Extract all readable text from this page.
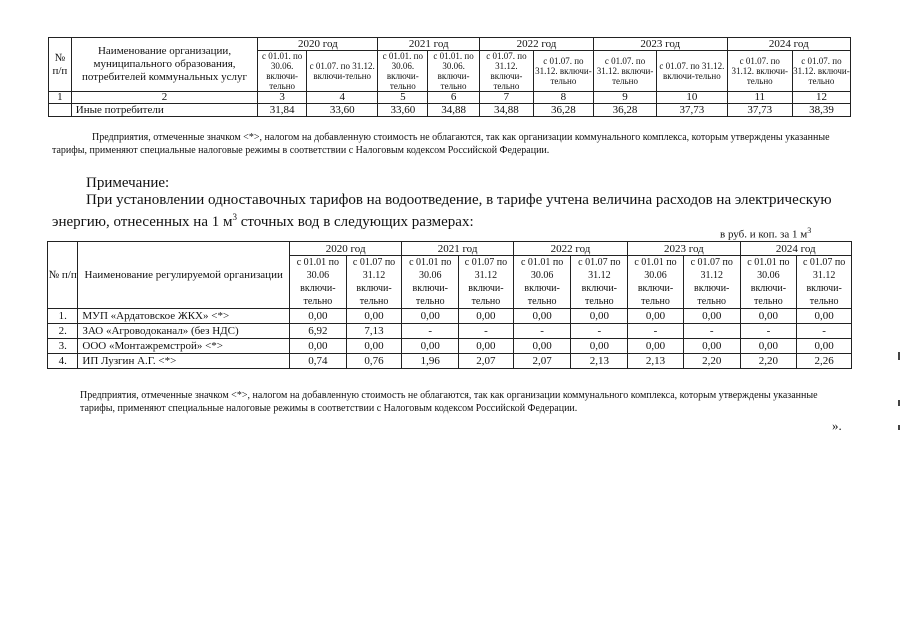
№ п/п	Наименование организации, муниципального образования, потребителей коммунальных услуг	2020 год		2021 год		2022 год		2023 год		2024 год	
		с 01.01. по 30.06. включи-тельно	с 01.07. по 31.12. включи-тельно	с 01.01. по 30.06. включи-тельно	с 01.01. по 30.06. включи-тельно	с 01.07. по 31.12. включи-тельно	с 01.07. по 31.12. включи-тельно	с 01.07. по 31.12. включи-тельно	с 01.07. по 31.12. включи-тельно	с 01.07. по 31.12. включи-тельно	с 01.07. по 31.12. включи-тельно
1	2	3	4	5	6	7	8	9	10	11	12
	Иные потребители	31,84	33,60	33,60	34,88	34,88	36,28	36,28	37,73	37,73	38,39
Предприятия, отмеченные значком <*>, налогом на добавленную стоимость не облагаются, так как организации коммунального комплекса, которым утверждены указанные тарифы, применяют специальные налоговые режимы в соответствии с Налоговым кодексом Российской Федерации.
Примечание:
При установлении одноставочных тарифов на водоотведение, в тарифе учтена величина расходов на электрическую энергию, отнесенных на 1 $м^3$ сточных вод в следующих размерах:
в руб. и коп. за 1 $м^3$
№ п/п	Наименование регулируемой организации	2020 год		2021 год		2022 год		2023 год		2024 год	
		с 01.01 по 30.06 включи-тельно	с 01.07 по 31.12 включи-тельно	с 01.01 по 30.06 включи-тельно	с 01.07 по 31.12 включи-тельно	с 01.01 по 30.06 включи-тельно	с 01.07 по 31.12 включи-тельно	с 01.01 по 30.06 включи-тельно	с 01.07 по 31.12 включи-тельно	с 01.01 по 30.06 включи-тельно	с 01.07 по 31.12 включи-тельно
1.	МУП «Ардатовское ЖКХ» <*>	0,00	0,00	0,00	0,00	0,00	0,00	0,00	0,00	0,00	0,00
2.	ЗАО «Агроводоканал» (без НДС)	6,92	7,13	-	-	-	-	-	-	-	-
3.	ООО «Монтажремстрой» <*>	0,00	0,00	0,00	0,00	0,00	0,00	0,00	0,00	0,00	0,00
4.	ИП Лузгин А.Г. <*>	0,74	0,76	1,96	2,07	2,07	2,13	2,13	2,20	2,20	2,26
Предприятия, отмеченные значком <*>, налогом на добавленную стоимость не облагаются, так как организации коммунального комплекса, которым утверждены указанные тарифы, применяют специальные налоговые режимы в соответствии с Налоговым кодексом Российской Федерации.
».
